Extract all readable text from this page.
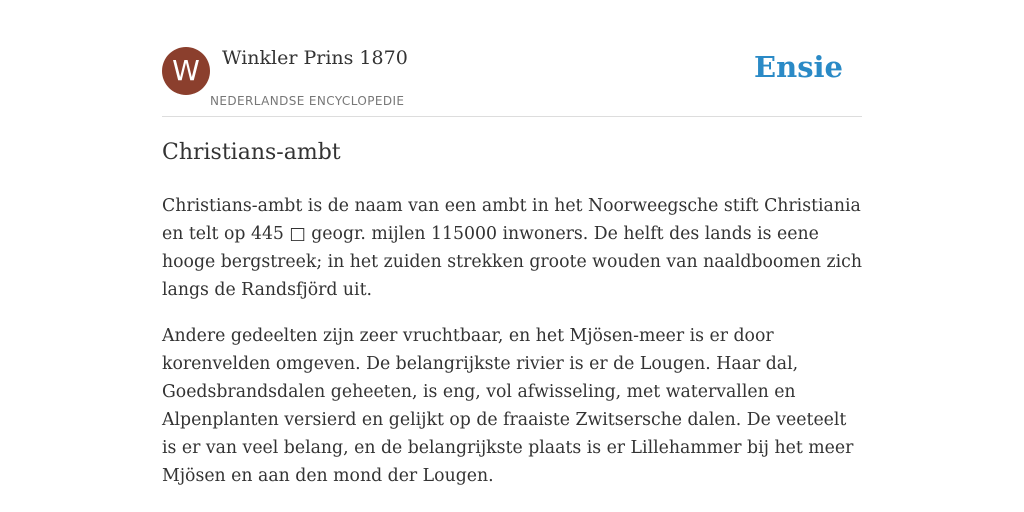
W	Winkler Prins 1870
NEDERLANDSE ENCYCLOPEDIE
Ensie
Christians-ambt

Christians-ambt is de naam van een ambt in het Noorweegsche stift Christiania en telt op 445 □ geogr. mijlen 115000 inwoners. De helft des lands is eene hooge bergstreek; in het zuiden strekken groote wouden van naaldboomen zich langs de Randsfjörd uit.

Andere gedeelten zijn zeer vruchtbaar, en het Mjösen-meer is er door korenvelden omgeven. De belangrijkste rivier is er de Lougen. Haar dal, Goedsbrandsdalen geheeten, is eng, vol afwisseling, met watervallen en Alpenplanten versierd en gelijkt op de fraaiste Zwitsersche dalen. De veeteelt is er van veel belang, en de belangrijkste plaats is er Lillehammer bij het meer Mjösen en aan den mond der Lougen.
